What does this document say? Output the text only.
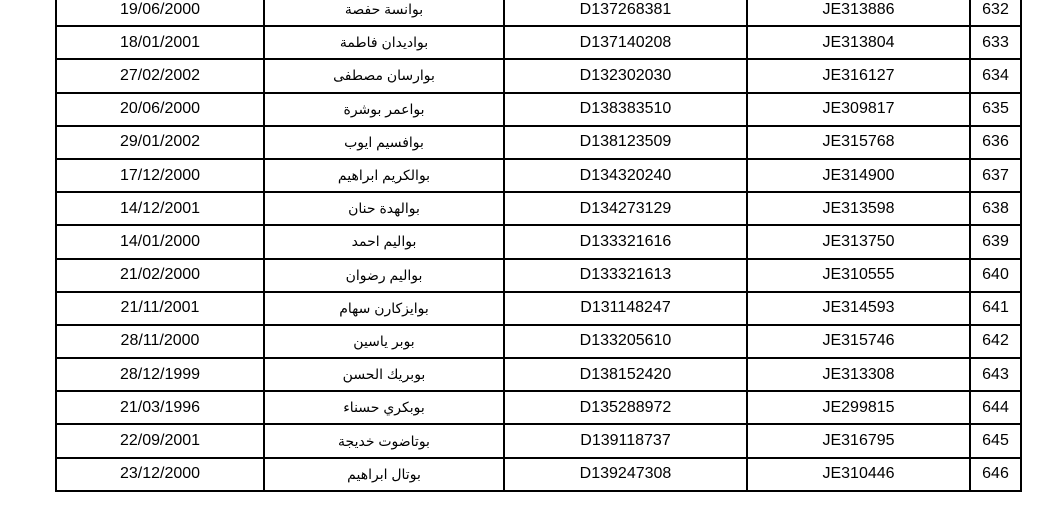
19/06/2000	بوانسة حفصة	D137268381	JE313886	632
18/01/2001	بواديدان فاطمة	D137140208	JE313804	633
27/02/2002	بوارسان مصطفى	D132302030	JE316127	634
20/06/2000	بواعمر بوشرة	D138383510	JE309817	635
29/01/2002	بوافسيم ايوب	D138123509	JE315768	636
17/12/2000	بوالكريم ابراهيم	D134320240	JE314900	637
14/12/2001	بوالهدة حنان	D134273129	JE313598	638
14/01/2000	بواليم احمد	D133321616	JE313750	639
21/02/2000	بواليم رضوان	D133321613	JE310555	640
21/11/2001	بوايزكارن سهام	D131148247	JE314593	641
28/11/2000	بوبر ياسين	D133205610	JE315746	642
28/12/1999	بوبريك الحسن	D138152420	JE313308	643
21/03/1996	بوبكري حسناء	D135288972	JE299815	644
22/09/2001	بوتاضوت خديجة	D139118737	JE316795	645
23/12/2000	بوتال ابراهيم	D139247308	JE310446	646
